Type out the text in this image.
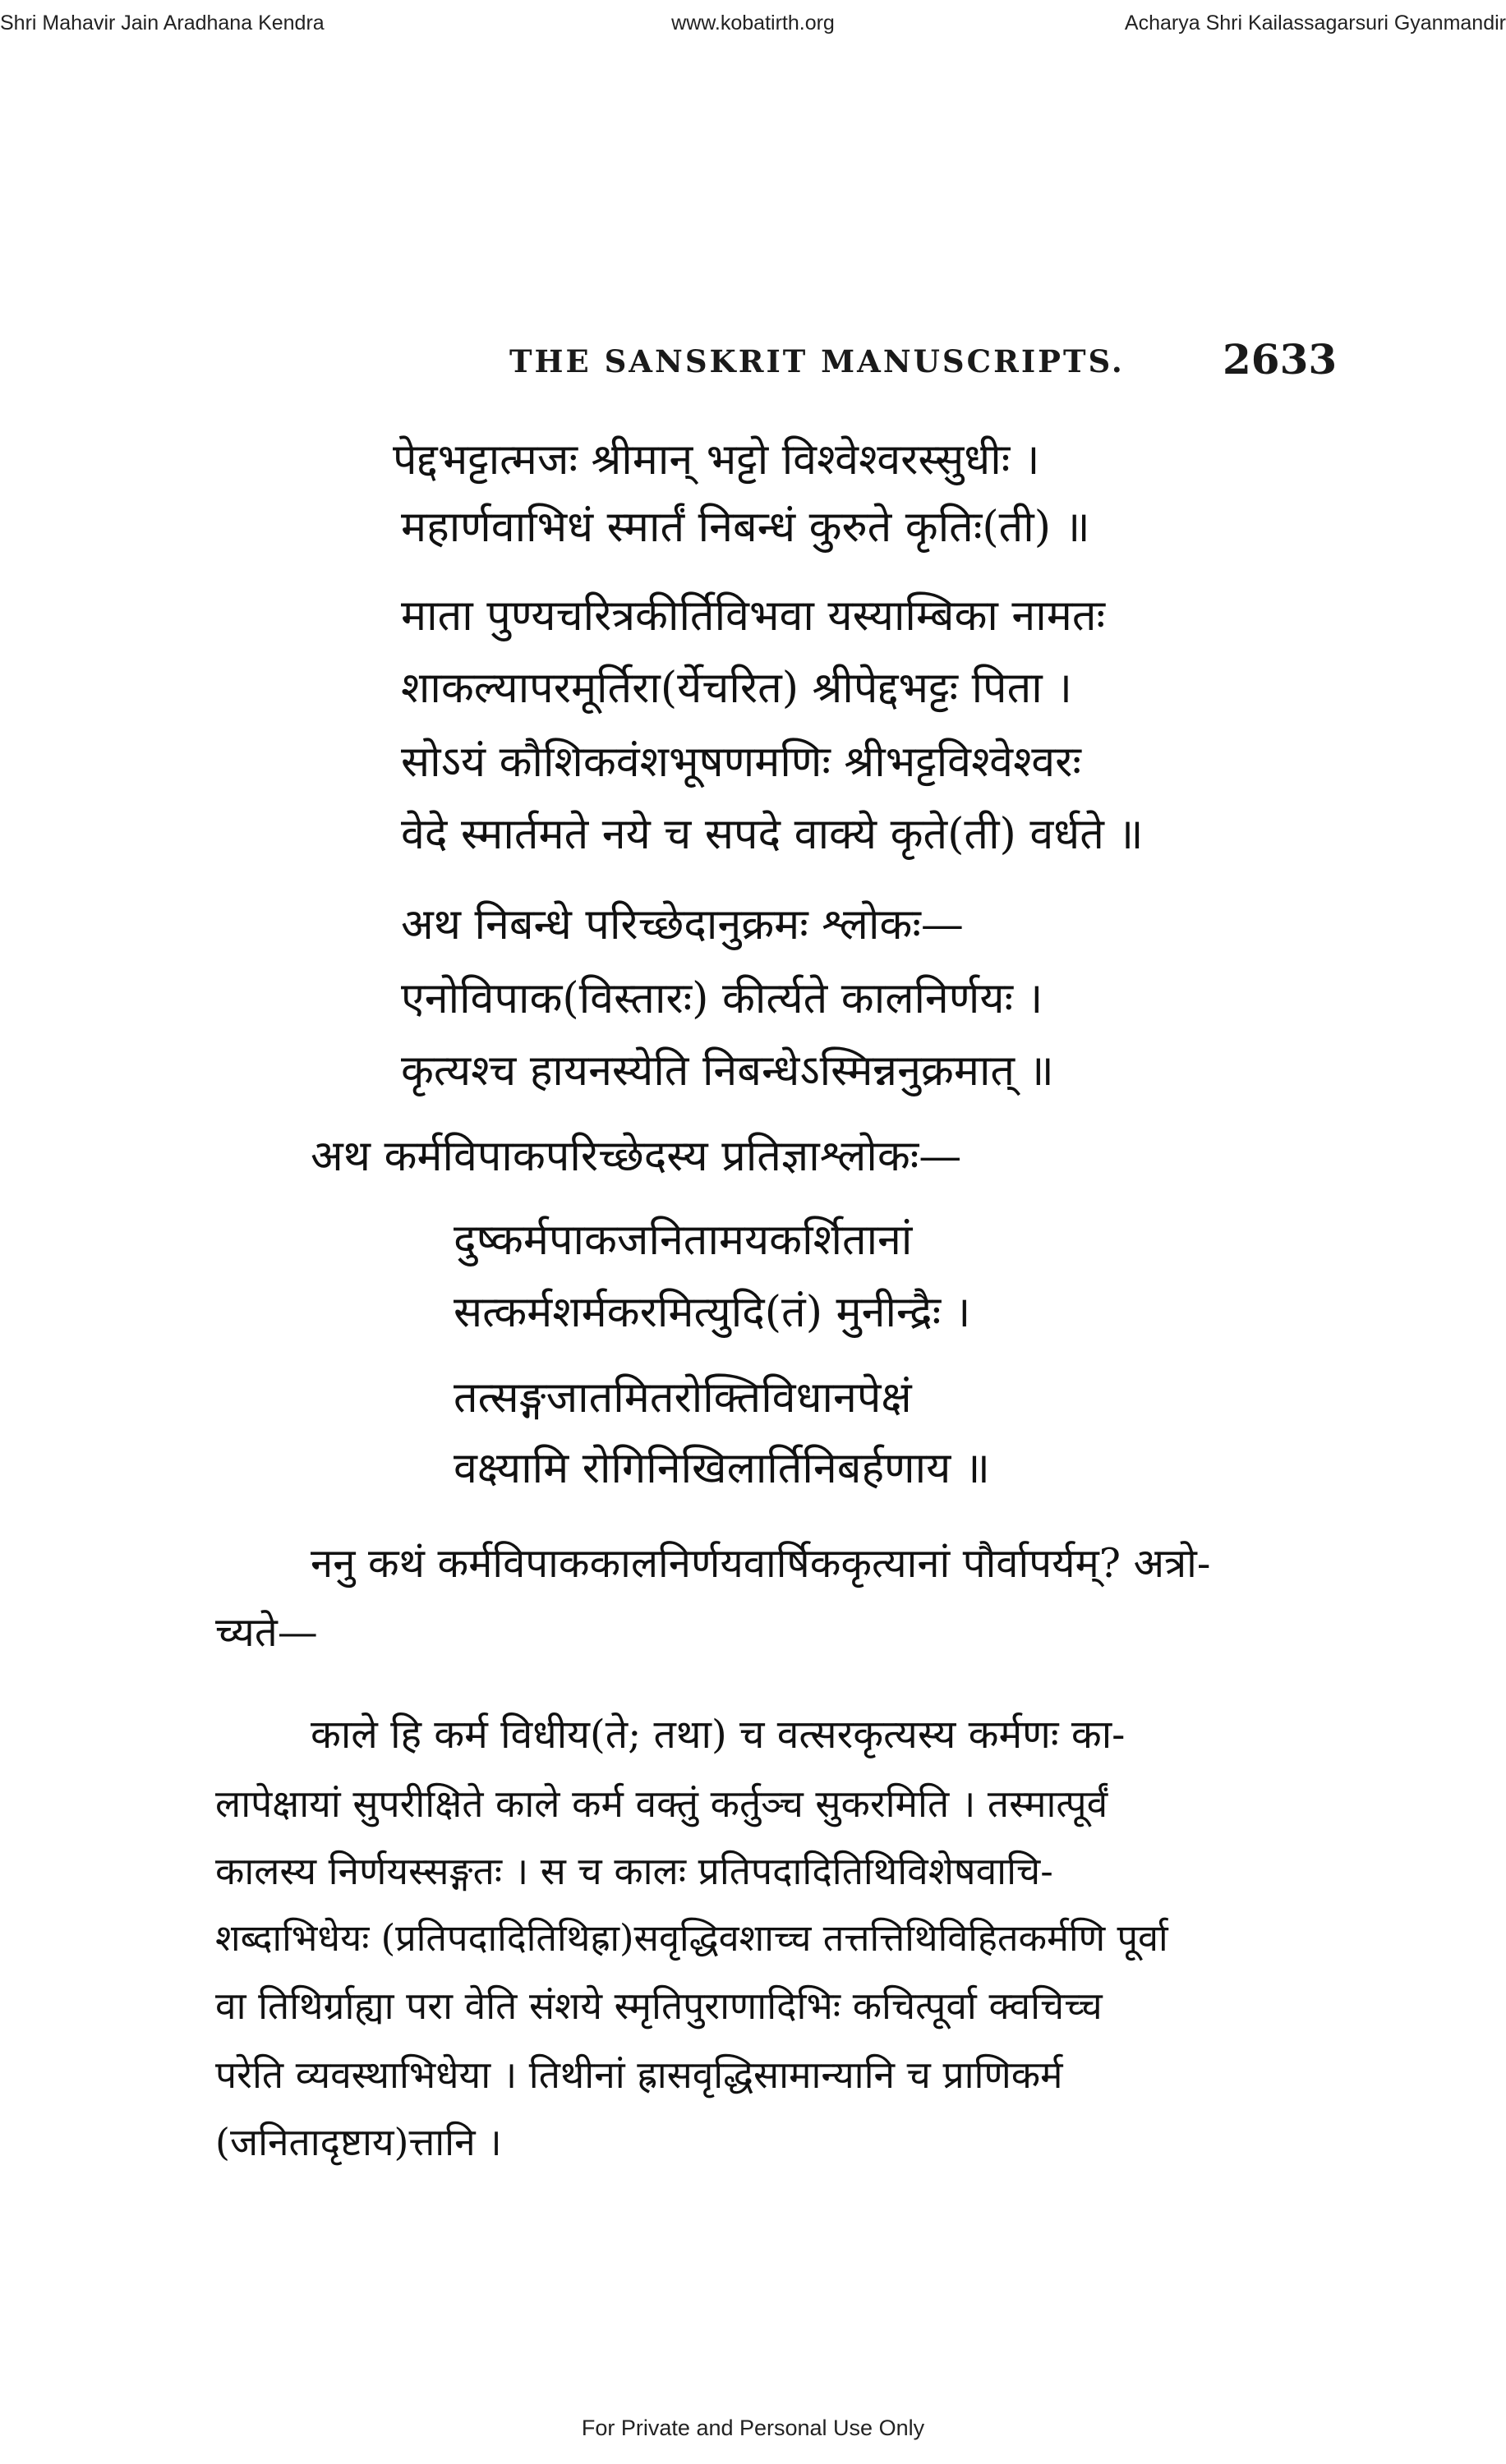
www.kobatirth.org
Shri Mahavir Jain Aradhana Kendra	Acharya Shri Kailassagarsuri Gyanmandir
THE SANSKRIT MANUSCRIPTS. 2633
पेद्दभट्टात्मजः श्रीमान् भट्टो विश्वेश्वरस्सुधीः ।
महार्णवाभिधं स्मार्तं निबन्धं कुरुते कृतिः(ती) ॥
माता पुण्यचरित्रकीर्तिविभवा यस्याम्बिका नामतः
शाकल्यापरमूर्तिरा(र्येचरित) श्रीपेद्दभट्टः पिता ।
सोऽयं कौशिकवंशभूषणमणिः श्रीभट्टविश्वेश्वरः
वेदे स्मार्तमते नये च सपदे वाक्ये कृते(ती) वर्धते ॥
अथ निबन्धे परिच्छेदानुक्रमः श्लोकः—
एनोविपाक(विस्तारः) कीर्त्यते कालनिर्णयः ।
कृत्यश्च हायनस्येति निबन्धेऽस्मिन्ननुक्रमात् ॥
अथ कर्मविपाकपरिच्छेदस्य प्रतिज्ञाश्लोकः—
दुष्कर्मपाकजनितामयकर्शितानां
सत्कर्मशर्मकरमित्युदि(तं) मुनीन्द्रैः ।
तत्सङ्गजातमितरोक्तिविधानपेक्षं
वक्ष्यामि रोगिनिखिलार्तिनिबर्हणाय ॥
ननु कथं कर्मविपाककालनिर्णयवार्षिककृत्यानां पौर्वापर्यम्? अत्रो-
च्यते—
काले हि कर्म विधीय(ते; तथा) च वत्सरकृत्यस्य कर्मणः का-
लापेक्षायां सुपरीक्षिते काले कर्म वक्तुं कर्तुञ्च सुकरमिति । तस्मात्पूर्वं
कालस्य निर्णयस्सङ्गतः । स च कालः प्रतिपदादितिथिविशेषवाचि-
शब्दाभिधेयः (प्रतिपदादितिथिह्रा)सवृद्धिवशाच्च तत्तत्तिथिविहितकर्मणि पूर्वा
वा तिथिर्ग्राह्या परा वेति संशये स्मृतिपुराणादिभिः कचित्पूर्वा क्वचिच्च
परेति व्यवस्थाभिधेया । तिथीनां ह्रासवृद्धिसामान्यानि च प्राणिकर्म
(जनितादृष्टाय)त्तानि ।
For Private and Personal Use Only
